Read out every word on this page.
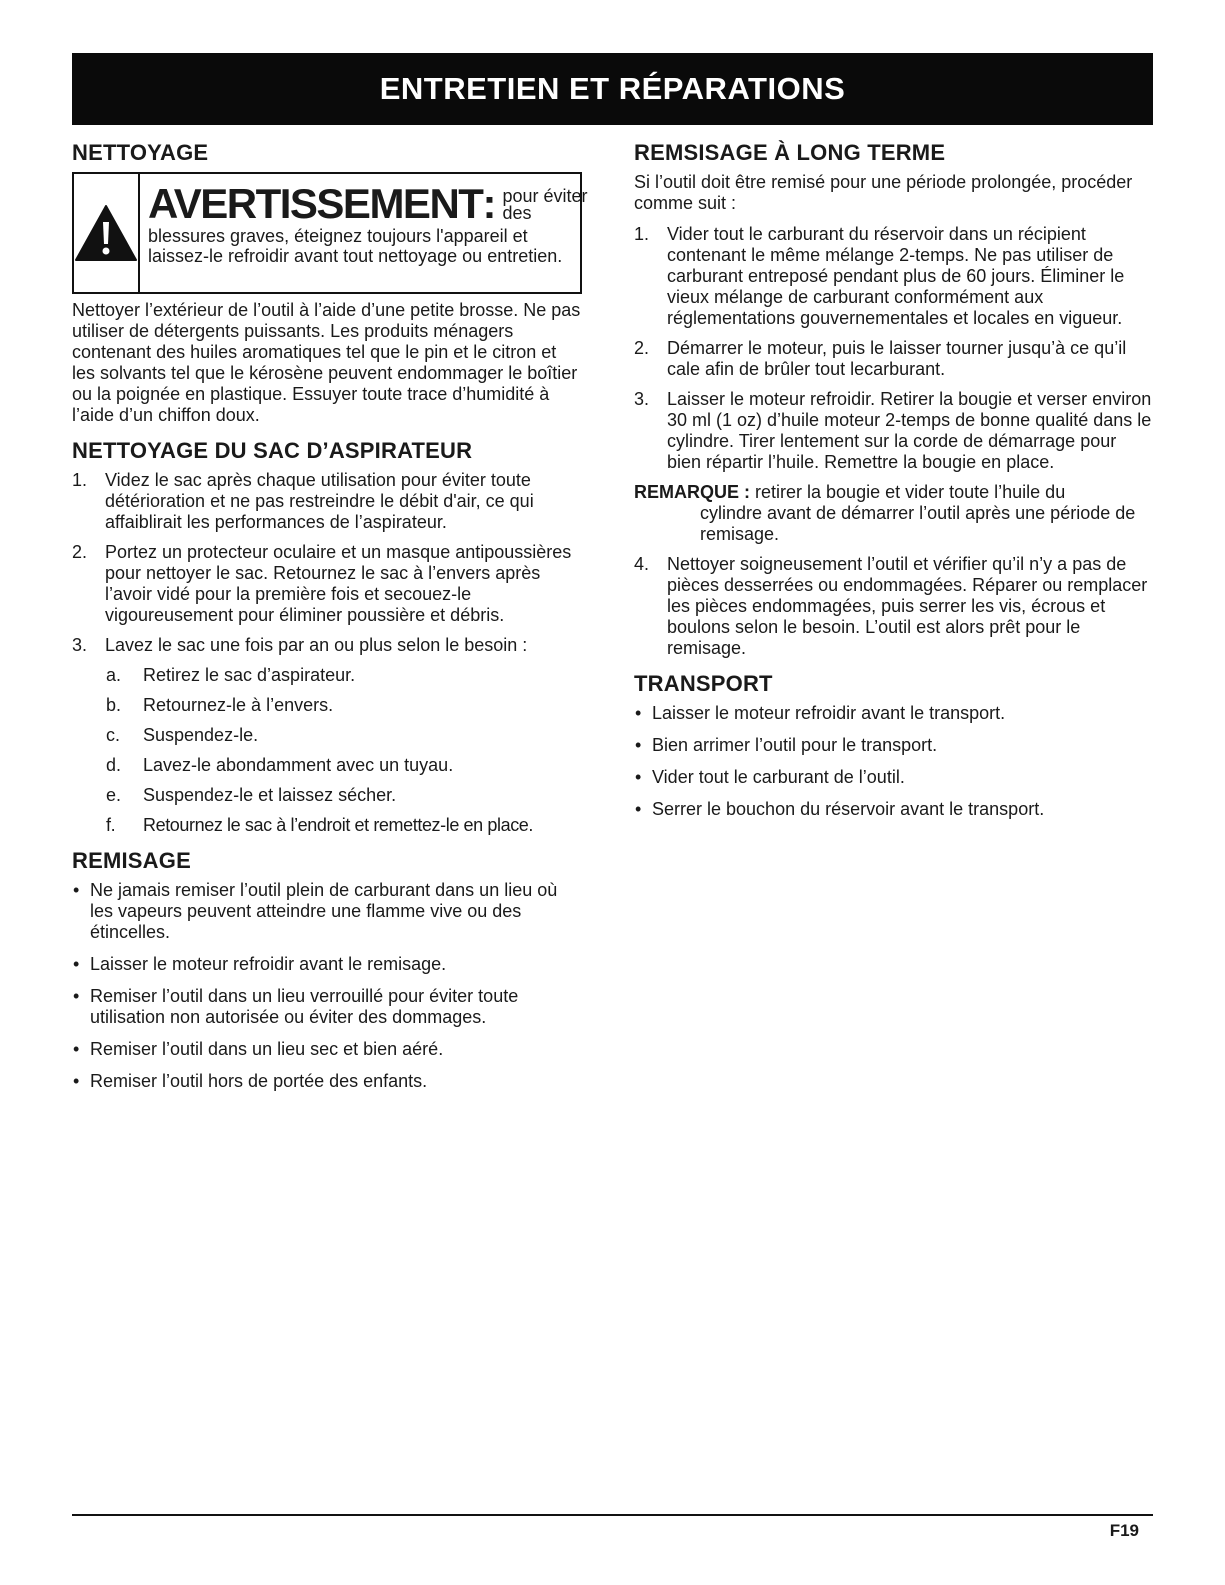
ENTRETIEN ET RÉPARATIONS
NETTOYAGE
AVERTISSEMENT : pour éviter des
blessures graves, éteignez toujours l'appareil et laissez-le refroidir avant tout nettoyage ou entretien.

Nettoyer l’extérieur de l’outil à l’aide d’une petite brosse. Ne pas utiliser de détergents puissants. Les produits ménagers contenant des huiles aromatiques tel que le pin et le citron et les solvants tel que le kérosène peuvent endommager le boîtier ou la poignée en plastique. Essuyer toute trace d’humidité à l’aide d’un chiffon doux.

NETTOYAGE DU SAC D’ASPIRATEUR
1. Videz le sac après chaque utilisation pour éviter toute détérioration et ne pas restreindre le débit d'air, ce qui affaiblirait les performances de l’aspirateur.
2. Portez un protecteur oculaire et un masque antipoussières pour nettoyer le sac. Retournez le sac à l’envers après l’avoir vidé pour la première fois et secouez-le vigoureusement pour éliminer poussière et débris.
3. Lavez le sac une fois par an ou plus selon le besoin :
a. Retirez le sac d’aspirateur.
b. Retournez-le à l’envers.
c. Suspendez-le.
d. Lavez-le abondamment avec un tuyau.
e. Suspendez-le et laissez sécher.
f. Retournez le sac à l’endroit et remettez-le en place.
REMISAGE
• Ne jamais remiser l’outil plein de carburant dans un lieu où les vapeurs peuvent atteindre une flamme vive ou des étincelles.
• Laisser le moteur refroidir avant le remisage.
• Remiser l’outil dans un lieu verrouillé pour éviter toute utilisation non autorisée ou éviter des dommages.
• Remiser l’outil dans un lieu sec et bien aéré.
• Remiser l’outil hors de portée des enfants.
REMSISAGE À LONG TERME

Si l’outil doit être remisé pour une période prolongée, procéder comme suit :

1. Vider tout le carburant du réservoir dans un récipient contenant le même mélange 2-temps. Ne pas utiliser de carburant entreposé pendant plus de 60 jours. Éliminer le vieux mélange de carburant conformément aux réglementations gouvernementales et locales en vigueur.
2. Démarrer le moteur, puis le laisser tourner jusqu’à ce qu’il cale afin de brûler tout lecarburant.
3. Laisser le moteur refroidir. Retirer la bougie et verser environ 30 ml (1 oz) d’huile moteur 2-temps de bonne qualité dans le cylindre. Tirer lentement sur la corde de démarrage pour bien répartir l’huile. Remettre la bougie en place.
REMARQUE : retirer la bougie et vider toute l’huile du
cylindre avant de démarrer l’outil après une période de remisage.
4. Nettoyer soigneusement l’outil et vérifier qu’il n’y a pas de pièces desserrées ou endommagées. Réparer ou remplacer les pièces endommagées, puis serrer les vis, écrous et boulons selon le besoin. L’outil est alors prêt pour le remisage.
TRANSPORT
• Laisser le moteur refroidir avant le transport.
• Bien arrimer l’outil pour le transport.
• Vider tout le carburant de l’outil.
• Serrer le bouchon du réservoir avant le transport.
F19
